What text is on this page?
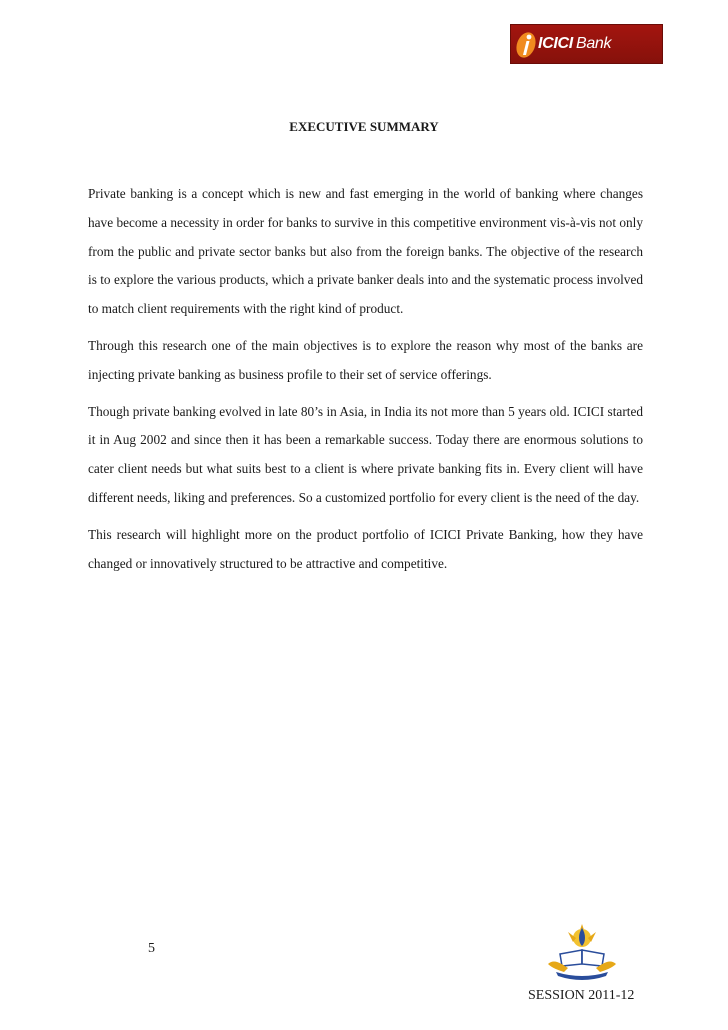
ICICI Bank
EXECUTIVE SUMMARY

Private banking is a concept which is new and fast emerging in the world of banking where changes have become a necessity in order for banks to survive in this competitive environment vis-à-vis not only from the public and private sector banks but also from the foreign banks. The objective of the research is to explore the various products, which a private banker deals into and the systematic process involved to match client requirements with the right kind of product.

Through this research one of the main objectives is to explore the reason why most of the banks are injecting private banking as business profile to their set of service offerings.

Though private banking evolved in late 80’s in Asia, in India its not more than 5 years old. ICICI started it in Aug 2002 and since then it has been a remarkable success. Today there are enormous solutions to cater client needs but what suits best to a client is where private banking fits in. Every client will have different needs, liking and preferences. So a customized portfolio for every client is the need of the day.

This research will highlight more on the product portfolio of ICICI Private Banking, how they have changed or innovatively structured to be attractive and competitive.

5
SESSION 2011-12
